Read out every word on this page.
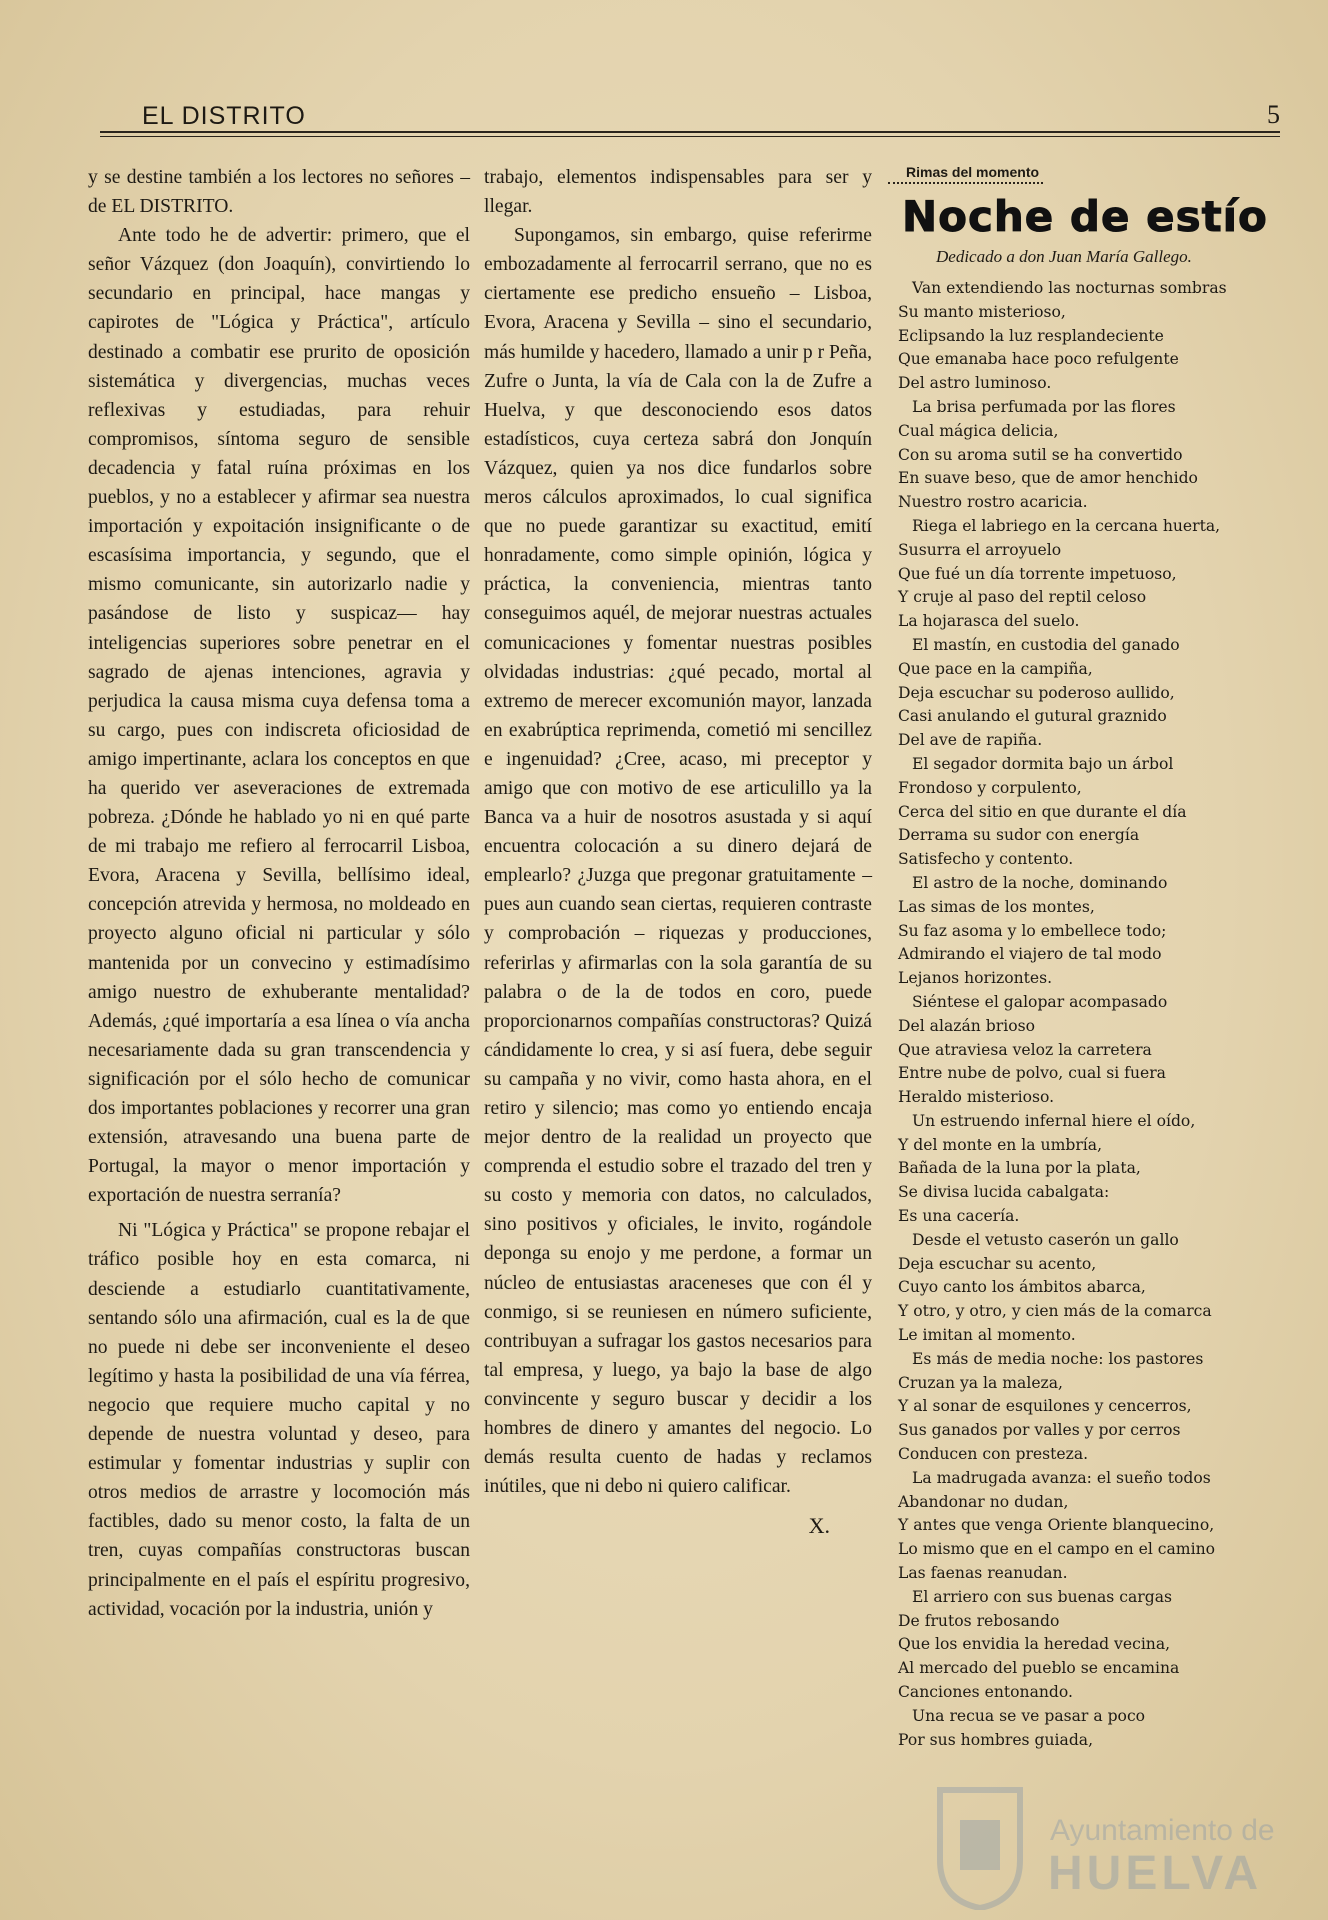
EL DISTRITO	5

y se destine también a los lectores no señores – de EL DISTRITO.

Ante todo he de advertir: primero, que el señor Vázquez (don Joaquín), convirtiendo lo secundario en principal, hace mangas y capirotes de "Lógica y Práctica", artículo destinado a combatir ese prurito de oposición sistemática y divergencias, muchas veces reflexivas y estudiadas, para rehuir compromisos, síntoma seguro de sensible decadencia y fatal ruína próximas en los pueblos, y no a establecer y afirmar sea nuestra importación y expoitación insignificante o de escasísima importancia, y segundo, que el mismo comunicante, sin autorizarlo nadie y pasándose de listo y suspicaz— hay inteligencias superiores sobre penetrar en el sagrado de ajenas intenciones, agravia y perjudica la causa misma cuya defensa toma a su cargo, pues con indiscreta oficiosidad de amigo impertinante, aclara los conceptos en que ha querido ver aseveraciones de extremada pobreza. ¿Dónde he hablado yo ni en qué parte de mi trabajo me refiero al ferrocarril Lisboa, Evora, Aracena y Sevilla, bellísimo ideal, concepción atrevida y hermosa, no moldeado en proyecto alguno oficial ni particular y sólo mantenida por un convecino y estimadísimo amigo nuestro de exhuberante mentalidad? Además, ¿qué importaría a esa línea o vía ancha necesariamente dada su gran transcendencia y significación por el sólo hecho de comunicar dos importantes poblaciones y recorrer una gran extensión, atravesando una buena parte de Portugal, la mayor o menor importación y exportación de nuestra serranía?

Ni "Lógica y Práctica" se propone rebajar el tráfico posible hoy en esta comarca, ni desciende a estudiarlo cuantitativamente, sentando sólo una afirmación, cual es la de que no puede ni debe ser inconveniente el deseo legítimo y hasta la posibilidad de una vía férrea, negocio que requiere mucho capital y no depende de nuestra voluntad y deseo, para estimular y fomentar industrias y suplir con otros medios de arrastre y locomoción más factibles, dado su menor costo, la falta de un tren, cuyas compañías constructoras buscan principalmente en el país el espíritu progresivo, actividad, vocación por la industria, unión y

trabajo, elementos indispensables para ser y llegar.

Supongamos, sin embargo, quise referirme embozadamente al ferrocarril serrano, que no es ciertamente ese predicho ensueño – Lisboa, Evora, Aracena y Sevilla – sino el secundario, más humilde y hacedero, llamado a unir p r Peña, Zufre o Junta, la vía de Cala con la de Zufre a Huelva, y que desconociendo esos datos estadísticos, cuya certeza sabrá don Jonquín Vázquez, quien ya nos dice fundarlos sobre meros cálculos aproximados, lo cual significa que no puede garantizar su exactitud, emití honradamente, como simple opinión, lógica y práctica, la conveniencia, mientras tanto conseguimos aquél, de mejorar nuestras actuales comunicaciones y fomentar nuestras posibles olvidadas industrias: ¿qué pecado, mortal al extremo de merecer excomunión mayor, lanzada en exabrúptica reprimenda, cometió mi sencillez e ingenuidad? ¿Cree, acaso, mi preceptor y amigo que con motivo de ese articulillo ya la Banca va a huir de nosotros asustada y si aquí encuentra colocación a su dinero dejará de emplearlo? ¿Juzga que pregonar gratuitamente – pues aun cuando sean ciertas, requieren contraste y comprobación – riquezas y producciones, referirlas y afirmarlas con la sola garantía de su palabra o de la de todos en coro, puede proporcionarnos compañías constructoras? Quizá cándidamente lo crea, y si así fuera, debe seguir su campaña y no vivir, como hasta ahora, en el retiro y silencio; mas como yo entiendo encaja mejor dentro de la realidad un proyecto que comprenda el estudio sobre el trazado del tren y su costo y memoria con datos, no calculados, sino positivos y oficiales, le invito, rogándole deponga su enojo y me perdone, a formar un núcleo de entusiastas araceneses que con él y conmigo, si se reuniesen en número suficiente, contribuyan a sufragar los gastos necesarios para tal empresa, y luego, ya bajo la base de algo convincente y seguro buscar y decidir a los hombres de dinero y amantes del negocio. Lo demás resulta cuento de hadas y reclamos inútiles, que ni debo ni quiero calificar.

X.
Rimas del momento
Noche de estío
Dedicado a don Juan María Gallego.
Van extendiendo las nocturnas sombras
Su manto misterioso,
Eclipsando la luz resplandeciente
Que emanaba hace poco refulgente
Del astro luminoso.
La brisa perfumada por las flores
Cual mágica delicia,
Con su aroma sutil se ha convertido
En suave beso, que de amor henchido
Nuestro rostro acaricia.
Riega el labriego en la cercana huerta,
Susurra el arroyuelo
Que fué un día torrente impetuoso,
Y cruje al paso del reptil celoso
La hojarasca del suelo.
El mastín, en custodia del ganado
Que pace en la campiña,
Deja escuchar su poderoso aullido,
Casi anulando el gutural graznido
Del ave de rapiña.
El segador dormita bajo un árbol
Frondoso y corpulento,
Cerca del sitio en que durante el día
Derrama su sudor con energía
Satisfecho y contento.
El astro de la noche, dominando
Las simas de los montes,
Su faz asoma y lo embellece todo;
Admirando el viajero de tal modo
Lejanos horizontes.
Siéntese el galopar acompasado
Del alazán brioso
Que atraviesa veloz la carretera
Entre nube de polvo, cual si fuera
Heraldo misterioso.
Un estruendo infernal hiere el oído,
Y del monte en la umbría,
Bañada de la luna por la plata,
Se divisa lucida cabalgata:
Es una cacería.
Desde el vetusto caserón un gallo
Deja escuchar su acento,
Cuyo canto los ámbitos abarca,
Y otro, y otro, y cien más de la comarca
Le imitan al momento.
Es más de media noche: los pastores
Cruzan ya la maleza,
Y al sonar de esquilones y cencerros,
Sus ganados por valles y por cerros
Conducen con presteza.
La madrugada avanza: el sueño todos
Abandonar no dudan,
Y antes que venga Oriente blanquecino,
Lo mismo que en el campo en el camino
Las faenas reanudan.
El arriero con sus buenas cargas
De frutos rebosando
Que los envidia la heredad vecina,
Al mercado del pueblo se encamina
Canciones entonando.
Una recua se ve pasar a poco
Por sus hombres guiada,
Ayuntamiento de
HUELVA
